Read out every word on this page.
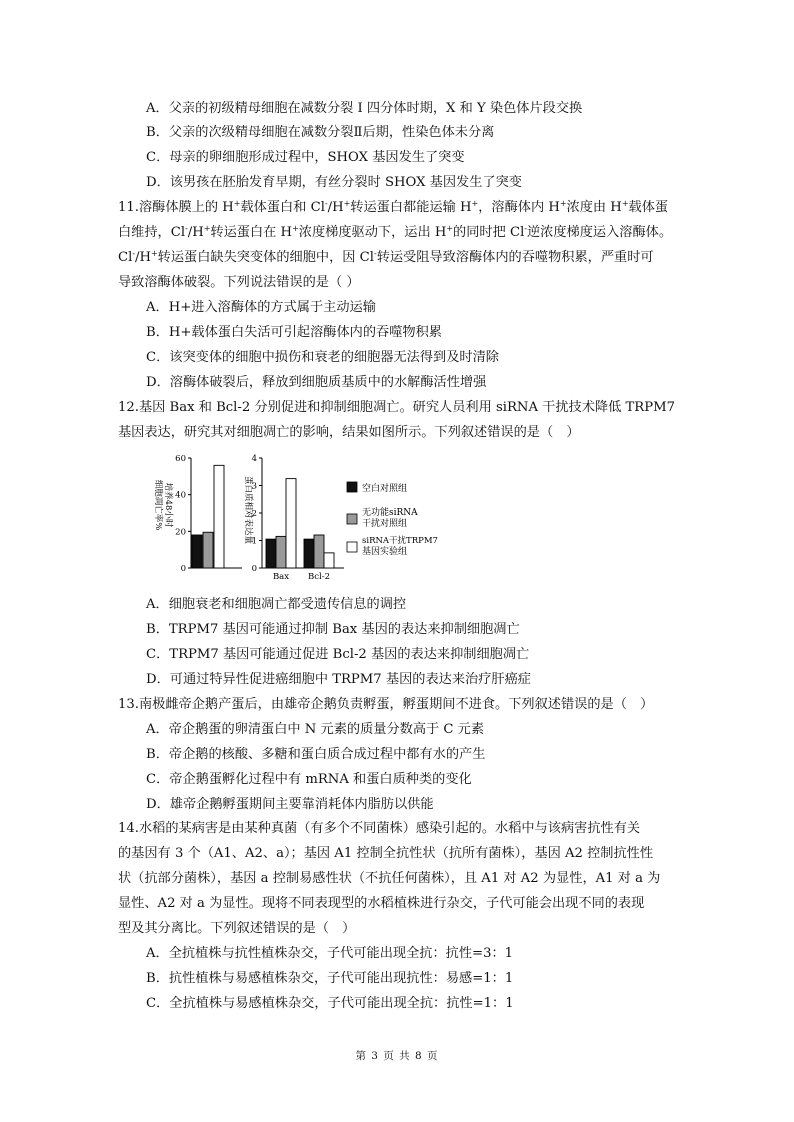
A．父亲的初级精母细胞在减数分裂 I 四分体时期，X 和 Y 染色体片段交换
B．父亲的次级精母细胞在减数分裂Ⅱ后期，性染色体未分离
C．母亲的卵细胞形成过程中，SHOX 基因发生了突变
D．该男孩在胚胎发育早期，有丝分裂时 SHOX 基因发生了突变
11.溶酶体膜上的 H+载体蛋白和 Cl-/H+转运蛋白都能运输 H+，溶酶体内 H+浓度由 H+载体蛋
白维持，Cl-/H+转运蛋白在 H+浓度梯度驱动下，运出 H+的同时把 Cl-逆浓度梯度运入溶酶体。
Cl-/H+转运蛋白缺失突变体的细胞中，因 Cl-转运受阻导致溶酶体内的吞噬物积累，严重时可
导致溶酶体破裂。下列说法错误的是（ ）
A．H+进入溶酶体的方式属于主动运输
B．H+载体蛋白失活可引起溶酶体内的吞噬物积累
C．该突变体的细胞中损伤和衰老的细胞器无法得到及时清除
D．溶酶体破裂后，释放到细胞质基质中的水解酶活性增强
12.基因 Bax 和 Bcl-2 分别促进和抑制细胞凋亡。研究人员利用 siRNA 干扰技术降低 TRPM7
基因表达，研究其对细胞凋亡的影响，结果如图所示。下列叙述错误的是（　）
培养48小时
细胞凋亡率%
0
20
40
60
蛋白质相对表达量
0
1
2
3
4
Bax Bcl-2
空白对照组
无功能siRNA
干扰对照组
siRNA干扰TRPM7
基因实验组
A．细胞衰老和细胞凋亡都受遗传信息的调控
B．TRPM7 基因可能通过抑制 Bax 基因的表达来抑制细胞凋亡
C．TRPM7 基因可能通过促进 Bcl-2 基因的表达来抑制细胞凋亡
D．可通过特异性促进癌细胞中 TRPM7 基因的表达来治疗肝癌症
13.南极雌帝企鹅产蛋后，由雄帝企鹅负责孵蛋，孵蛋期间不进食。下列叙述错误的是（　）
A．帝企鹅蛋的卵清蛋白中 N 元素的质量分数高于 C 元素
B．帝企鹅的核酸、多糖和蛋白质合成过程中都有水的产生
C．帝企鹅蛋孵化过程中有 mRNA 和蛋白质种类的变化
D．雄帝企鹅孵蛋期间主要靠消耗体内脂肪以供能
14.水稻的某病害是由某种真菌（有多个不同菌株）感染引起的。水稻中与该病害抗性有关
的基因有 3 个（A1、A2、a）；基因 A1 控制全抗性状（抗所有菌株），基因 A2 控制抗性性
状（抗部分菌株），基因 a 控制易感性状（不抗任何菌株），且 A1 对 A2 为显性，A1 对 a 为
显性、A2 对 a 为显性。现将不同表现型的水稻植株进行杂交，子代可能会出现不同的表现
型及其分离比。下列叙述错误的是（　）
A．全抗植株与抗性植株杂交，子代可能出现全抗：抗性=3：1
B．抗性植株与易感植株杂交，子代可能出现抗性：易感=1：1
C．全抗植株与易感植株杂交，子代可能出现全抗：抗性=1：1
第 3 页 共 8 页
